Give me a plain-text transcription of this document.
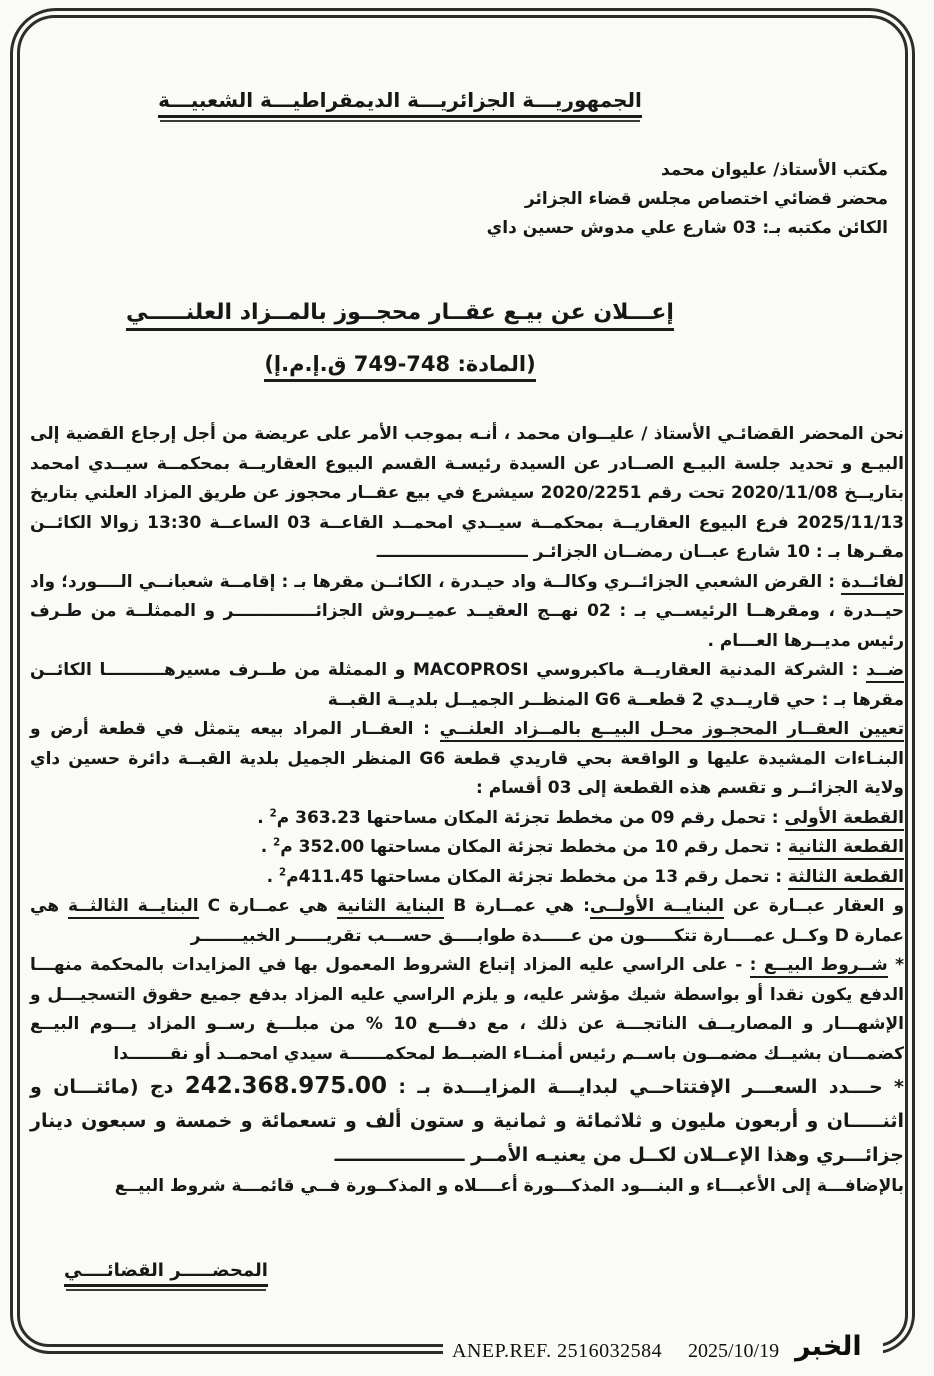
الجمهوريـــة الجزائريـــة الديمقراطيـــة الشعبيـــة
مكتب الأستاذ/ عليوان محمد
محضر قضائي اختصاص مجلس قضاء الجزائر
الكائن مكتبه بـ: 03 شارع علي مدوش حسين داي
إعـــلان عن بيـع عقــار محجــوز بالمــزاد العلنـــــي
(المادة: 748-749 ق.إ.م.إ)

نحن المحضر القضائـي الأستاذ / عليــوان محمد ، أنـه بموجب الأمر على عريضة من أجل إرجاع القضية إلى البيـع و تحديد جلسة البيـع الصــادر عن السيدة رئيسـة القسم البيوع العقاريــة بمحكمــة سيــدي امحمد بتاريــخ 2020/11/08 تحت رقم 2020/2251 سيشرع في بيع عقــار محجوز عن طريق المزاد العلني بتاريخ 2025/11/13 فرع البيوع العقاريــة بمحكمــة سيــدي امحمــد القاعــة 03 الساعــة 13:30 زوالا الكائــن مقـرها بـ : 10 شارع عبــان رمضــان الجزائـر ــــــــــــــــــــــــــ

لفائــدة : القرض الشعبي الجزائــري وكالــة واد حيـدرة ، الكائــن مقرها بـ : إقامــة شعبانــي الــــورد؛ واد حيــدرة ، ومقرهــا الرئيســي بـ : 02 نهــج العقيــد عميــروش الجزائــــــــــــــر و الممثلــة من طـرف رئيس مديــرها العـــام .

ضــد : الشركة المدنية العقاريــة ماكبروسي MACOPROSI و الممثلة من طــرف مسيرهــــــــــا الكائــن مقرها بـ : حي قاريــدي 2 قطعــة G6 المنظــر الجميــل بلديــة القبــة

تعيين العقــار المحجـوز محـل البيــع بالمــزاد العلنــي : العقــار المراد بيعه يتمثل في قطعة أرض و البنـاءات المشيدة عليها و الواقعة بحي قاريدي قطعة G6 المنظر الجميل بلدية القبــة دائرة حسين داي ولاية الجزائــر و تقسم هذه القطعة إلى 03 أقسام :

القطعة الأولى : تحمل رقم 09 من مخطط تجزئة المكان مساحتها 363.23 م$^2$ .

القطعة الثانية : تحمل رقم 10 من مخطط تجزئة المكان مساحتها 352.00 م$^2$ .

القطعة الثالثة : تحمل رقم 13 من مخطط تجزئة المكان مساحتها 411.45م$^2$ .

و العقار عبــارة عن البنايــة الأولــى: هي عمــارة B البناية الثانية هي عمــارة C البنايــة الثالثــة هي عمارة D وكــل عمــــارة تتكـــــون من عـــــدة طوابــــق حســـب تقريـــــر الخبيـــــــر

* شــروط البيــع : - على الراسي عليه المزاد إتباع الشروط المعمول بها في المزايدات بالمحكمة منهـــا الدفع يكون نقدا أو بواسطة شيك مؤشر عليه، و يلزم الراسي عليه المزاد بدفع جميع حقوق التسجيـــل و الإشهـــار و المصاريــف الناتجـــة عن ذلك ، مع دفـــع 10 % من مبلـــغ رســو المزاد يـــوم البيــع كضمـــان بشيــك مضمــون باســم رئيس أمنــاء الضبــط لمحكمــــــة سيدي امحمــد أو نقـــــــدا

* حـــدد السعـــر الإفتتاحــي لبدايـــة المزايـــدة بـ : 242.368.975.00 دج (مائتـــان و اثنـــــان و أربعون مليون و ثلاثمائة و ثمانية و ستون ألف و تسعمائة و خمسة و سبعون دينار جزائـــري وهذا الإعــلان لكــل من يعنيـه الأمــر ــــــــــــــــــــ

بالإضافـــة إلى الأعبـــاء و البنـــود المذكـــورة أعــــلاه و المذكــورة فــي قائمـــة شروط البيــع

المحضـــــر القضائــــي
ANEP.REF. 2516032584 2025/10/19 الخبر
